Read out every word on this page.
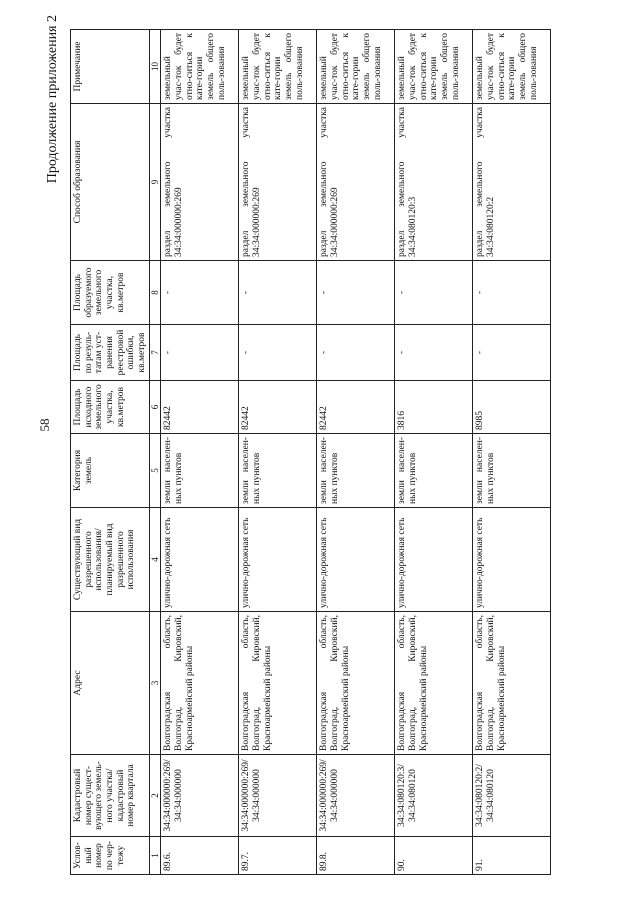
58
Продолжение приложения 2
Услов-ный номер по чер-тежу	Кадастровый номер сущест-вующего земель-ного участка/ кадастровый номер квартала	Адрес	Существующий вид разрешенного использования/ планируемый вид разрешенного использования	Категория земель	Площадь исходного земельного участка, кв.метров	Площадь по резуль-татам уст-ранения реестровой ошибки, кв.метров	Площадь образуемого земельного участка, кв.метров	Способ образования	Примечание
1	2	3	4	5	6	7	8	9	10
89.6.	34:34:000000:269/ 34:34:000000	Волгоградская область, Волгоград, Кировский, Красноармейский районы	улично-дорожная сеть	земли населен-ных пунктов	82442	-	-	раздел земельного участка 34:34:000000:269	земельный учас-ток будет отно-ситься к кате-гории земель общего поль-зования
89.7.	34:34:000000:269/ 34:34:000000	Волгоградская область, Волгоград, Кировский, Красноармейский районы	улично-дорожная сеть	земли населен-ных пунктов	82442	-	-	раздел земельного участка 34:34:000000:269	земельный учас-ток будет отно-ситься к кате-гории земель общего поль-зования
89.8.	34:34:000000:269/ 34:34:000000	Волгоградская область, Волгоград, Кировский, Красноармейский районы	улично-дорожная сеть	земли населен-ных пунктов	82442	-	-	раздел земельного участка 34:34:000000:269	земельный учас-ток будет отно-ситься к кате-гории земель общего поль-зования
90.	34:34:080120:3/ 34:34:080120	Волгоградская область, Волгоград, Кировский, Красноармейский районы	улично-дорожная сеть	земли населен-ных пунктов	3816	-	-	раздел земельного участка 34:34:080120:3	земельный учас-ток будет отно-ситься к кате-гории земель общего поль-зования
91.	34:34:080120:2/ 34:34:080120	Волгоградская область, Волгоград, Кировский, Красноармейский районы	улично-дорожная сеть	земли населен-ных пунктов	8985	-	-	раздел земельного участка 34:34:080120:2	земельный учас-ток будет отно-ситься к кате-гории земель общего поль-зования
